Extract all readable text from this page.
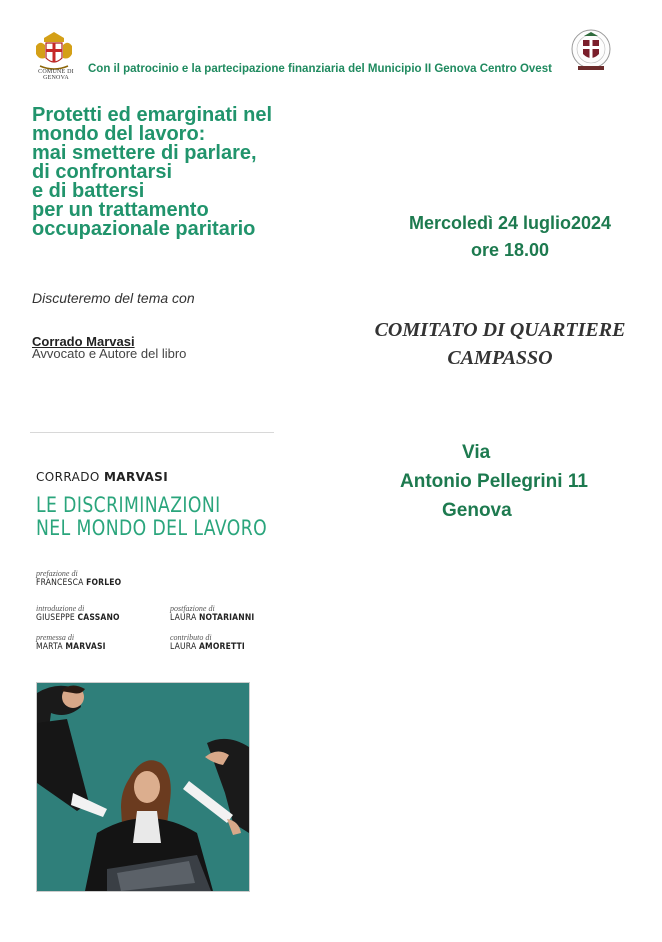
COMUNE DI GENOVA
Con il patrocinio e la partecipazione finanziaria del Municipio II Genova Centro Ovest
Protetti ed emarginati nel
mondo del lavoro:
mai smettere di parlare,
di confrontarsi
e di battersi
per un trattamento
occupazionale paritario
Discuteremo del tema con
Corrado Marvasi
Avvocato e Autore del libro
Mercoledì 24 luglio2024
ore 18.00
COMITATO DI QUARTIERE
CAMPASSO
Via
Antonio Pellegrini 11
Genova
CORRADO MARVASI
LE DISCRIMINAZIONI
NEL MONDO DEL LAVORO
prefazione di
FRANCESCA FORLEO
introduzione di
GIUSEPPE CASSANO
premessa di
MARTA MARVASI
postfazione di
LAURA NOTARIANNI
contributo di
LAURA AMORETTI
